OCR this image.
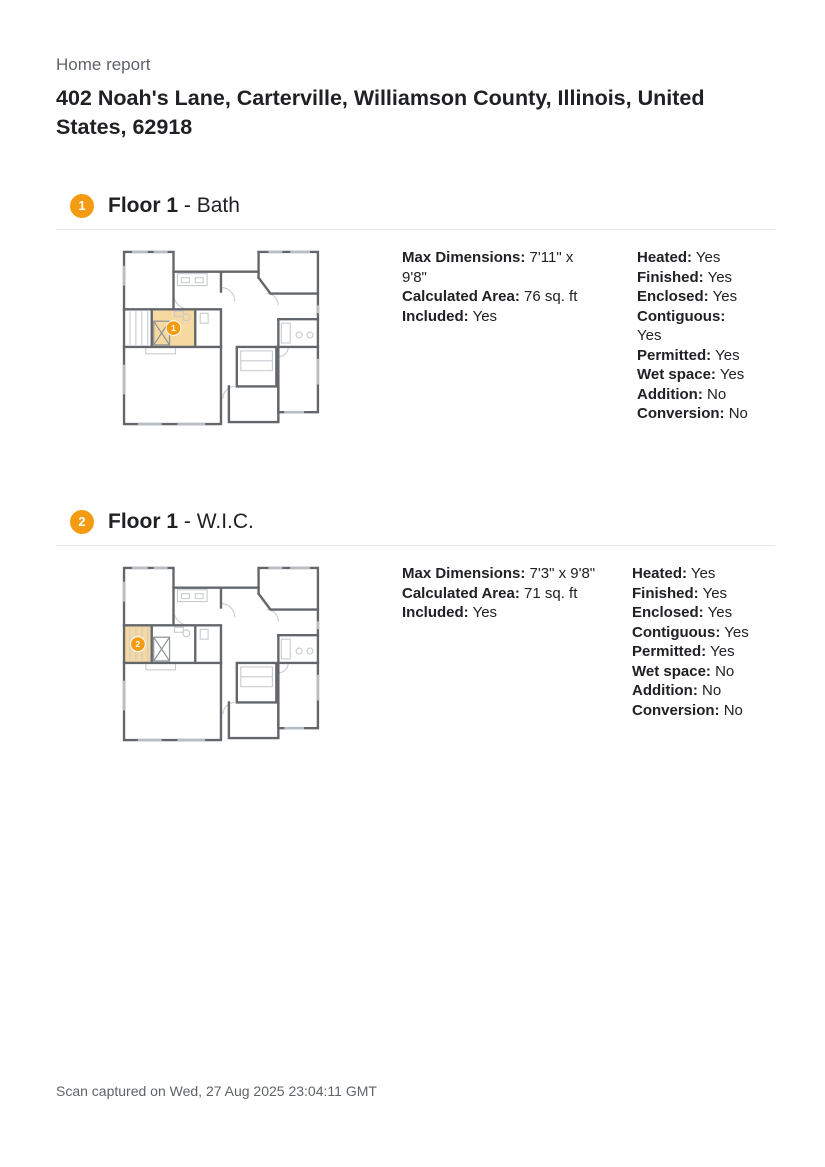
Home report

402 Noah's Lane, Carterville, Williamson County, Illinois, United States, 62918
1	Floor 1 - Bath
1
Max Dimensions: 7'11" x 9'8"
Calculated Area: 76 sq. ft
Included: Yes
Heated: Yes
Finished: Yes
Enclosed: Yes
Contiguous: Yes
Permitted: Yes
Wet space: Yes
Addition: No
Conversion: No
2	Floor 1 - W.I.C.
2
Max Dimensions: 7'3" x 9'8"
Calculated Area: 71 sq. ft
Included: Yes
Heated: Yes
Finished: Yes
Enclosed: Yes
Contiguous: Yes
Permitted: Yes
Wet space: No
Addition: No
Conversion: No
Scan captured on Wed, 27 Aug 2025 23:04:11 GMT
